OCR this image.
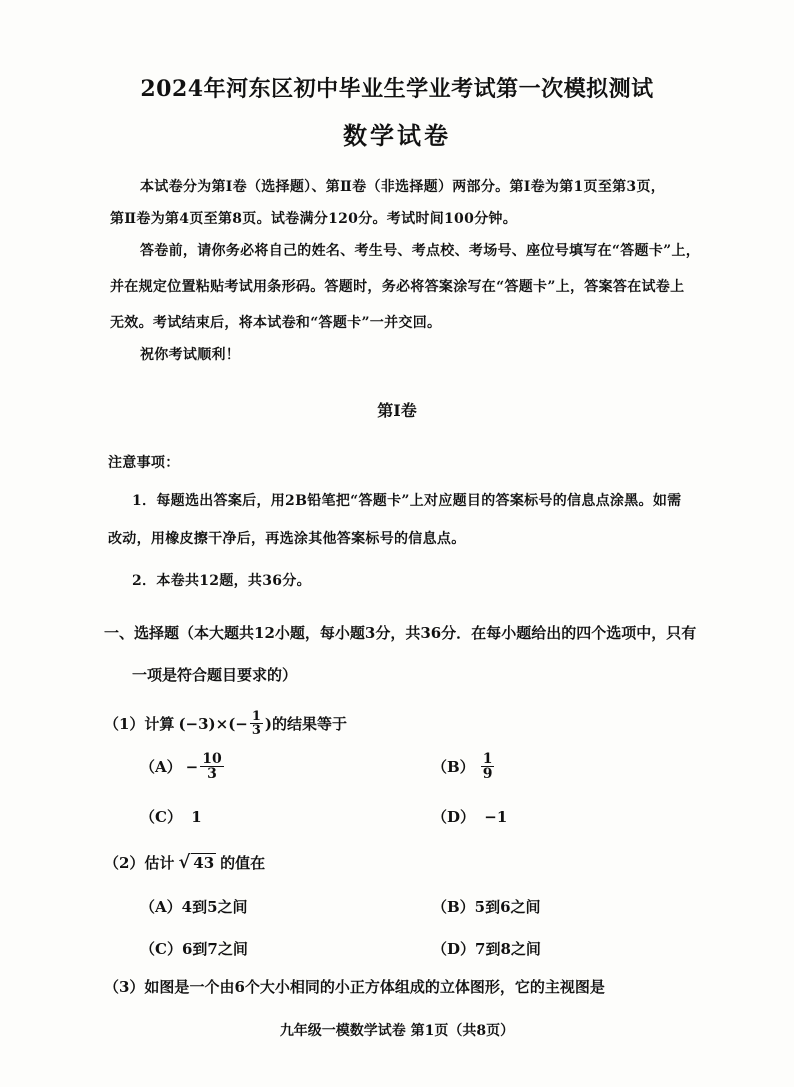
2024年河东区初中毕业生学业考试第一次模拟测试
数学试卷
本试卷分为第Ⅰ卷（选择题）、第Ⅱ卷（非选择题）两部分。第Ⅰ卷为第1页至第3页，
第Ⅱ卷为第4页至第8页。试卷满分120分。考试时间100分钟。
答卷前，请你务必将自己的姓名、考生号、考点校、考场号、座位号填写在“答题卡”上，
并在规定位置粘贴考试用条形码。答题时，务必将答案涂写在“答题卡”上，答案答在试卷上
无效。考试结束后，将本试卷和“答题卡”一并交回。
祝你考试顺利！
第Ⅰ卷
注意事项：
1．每题选出答案后，用2B铅笔把“答题卡”上对应题目的答案标号的信息点涂黑。如需
改动，用橡皮擦干净后，再选涂其他答案标号的信息点。
2．本卷共12题，共36分。
一、选择题（本大题共12小题，每小题3分，共36分．在每小题给出的四个选项中，只有
一项是符合题目要求的）
（1）计算 $(-3)\times(- \frac{1}{3}$ ) 的结果等于
$(A) - \frac{10}{3}$	$(B) \frac{1}{9}$
（C） 1	（D） −1
（2）估计 √ 43 的值在
（A）4到5之间	（B）5到6之间
（C）6到7之间	（D）7到8之间
（3）如图是一个由6个大小相同的小正方体组成的立体图形，它的主视图是
九年级一模数学试卷 第1页（共8页）
